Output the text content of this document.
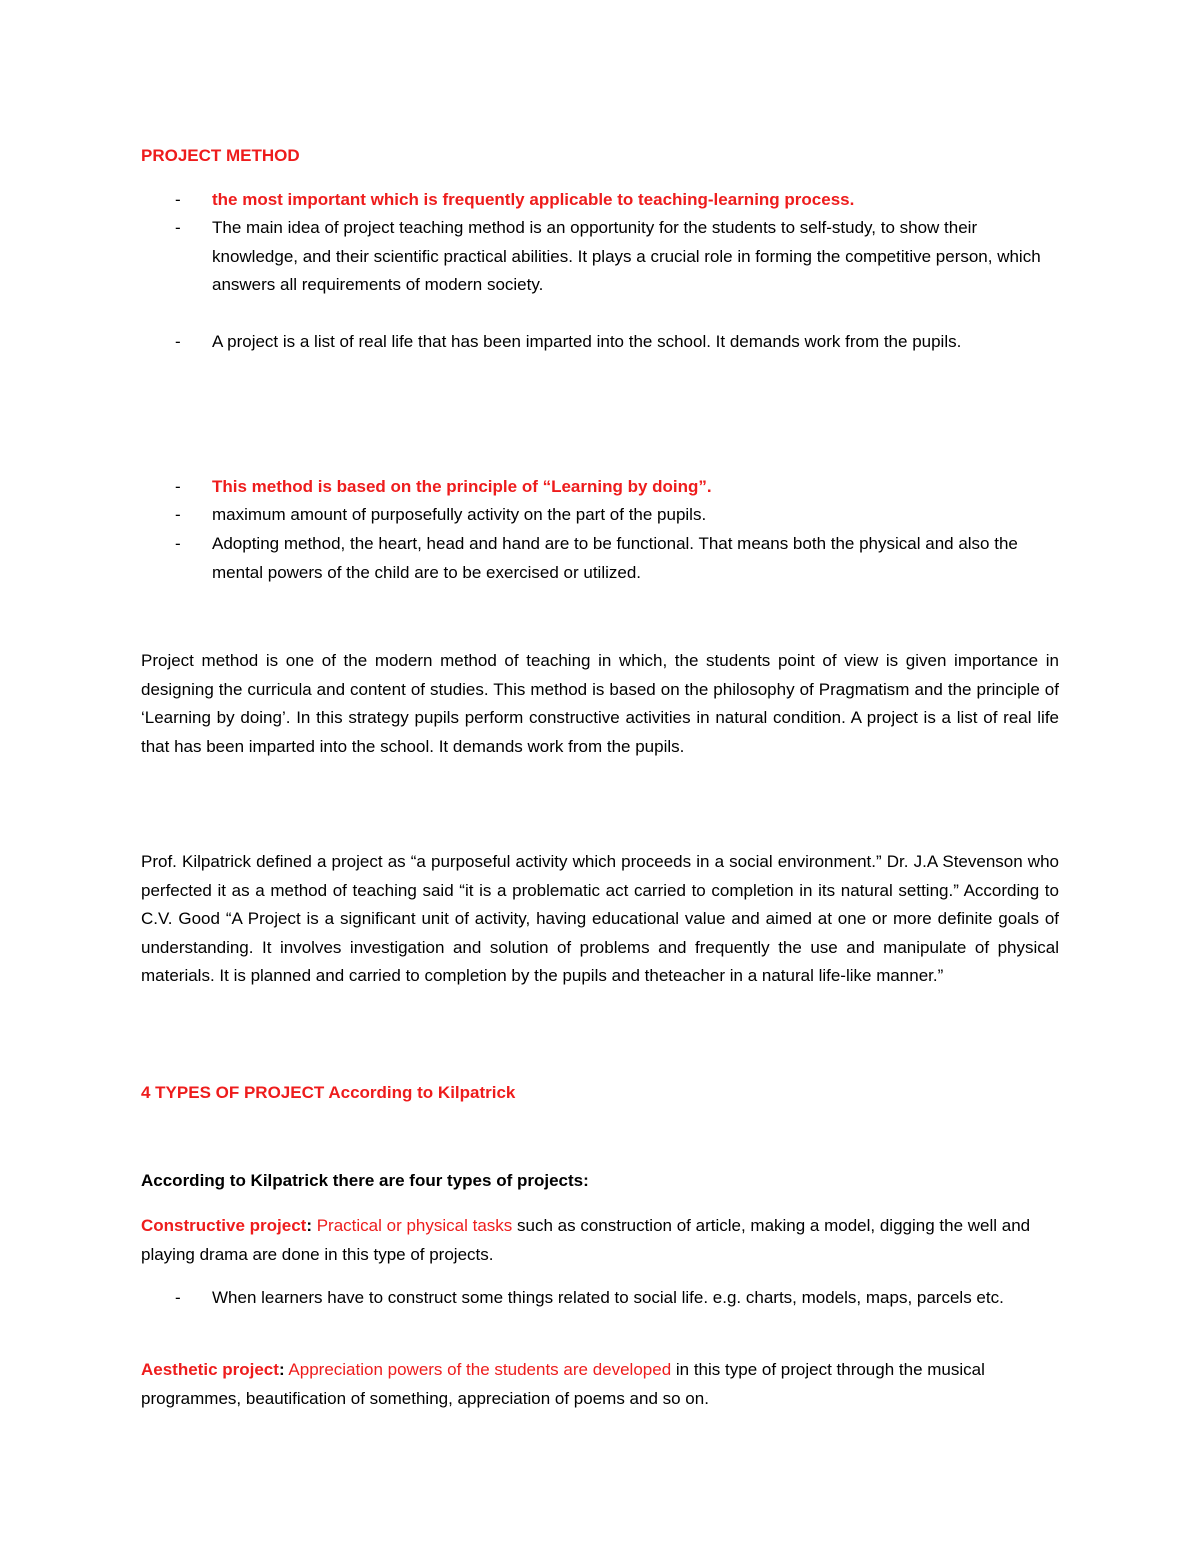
PROJECT METHOD
- the most important which is frequently applicable to teaching-learning process.
- The main idea of project teaching method is an opportunity for the students to self-study, to show their knowledge, and their scientific practical abilities. It plays a crucial role in forming the competitive person, which answers all requirements of modern society.
- A project is a list of real life that has been imparted into the school. It demands work from the pupils.
- This method is based on the principle of “Learning by doing”.
- maximum amount of purposefully activity on the part of the pupils.
- Adopting method, the heart, head and hand are to be functional. That means both the physical and also the mental powers of the child are to be exercised or utilized.

Project method is one of the modern method of teaching in which, the students point of view is given importance in designing the curricula and content of studies. This method is based on the philosophy of Pragmatism and the principle of ‘Learning by doing’. In this strategy pupils perform constructive activities in natural condition. A project is a list of real life that has been imparted into the school. It demands work from the pupils.

Prof. Kilpatrick defined a project as “a purposeful activity which proceeds in a social environment.” Dr. J.A Stevenson who perfected it as a method of teaching said “it is a problematic act carried to completion in its natural setting.” According to C.V. Good “A Project is a significant unit of activity, having educational value and aimed at one or more definite goals of understanding. It involves investigation and solution of problems and frequently the use and manipulate of physical materials. It is planned and carried to completion by the pupils and theteacher in a natural life-like manner.”

4 TYPES OF PROJECT According to Kilpatrick
According to Kilpatrick there are four types of projects:

Constructive project: Practical or physical tasks such as construction of article, making a model, digging the well and playing drama are done in this type of projects.

- When learners have to construct some things related to social life. e.g. charts, models, maps, parcels etc.

Aesthetic project: Appreciation powers of the students are developed in this type of project through the musical programmes, beautification of something, appreciation of poems and so on.
